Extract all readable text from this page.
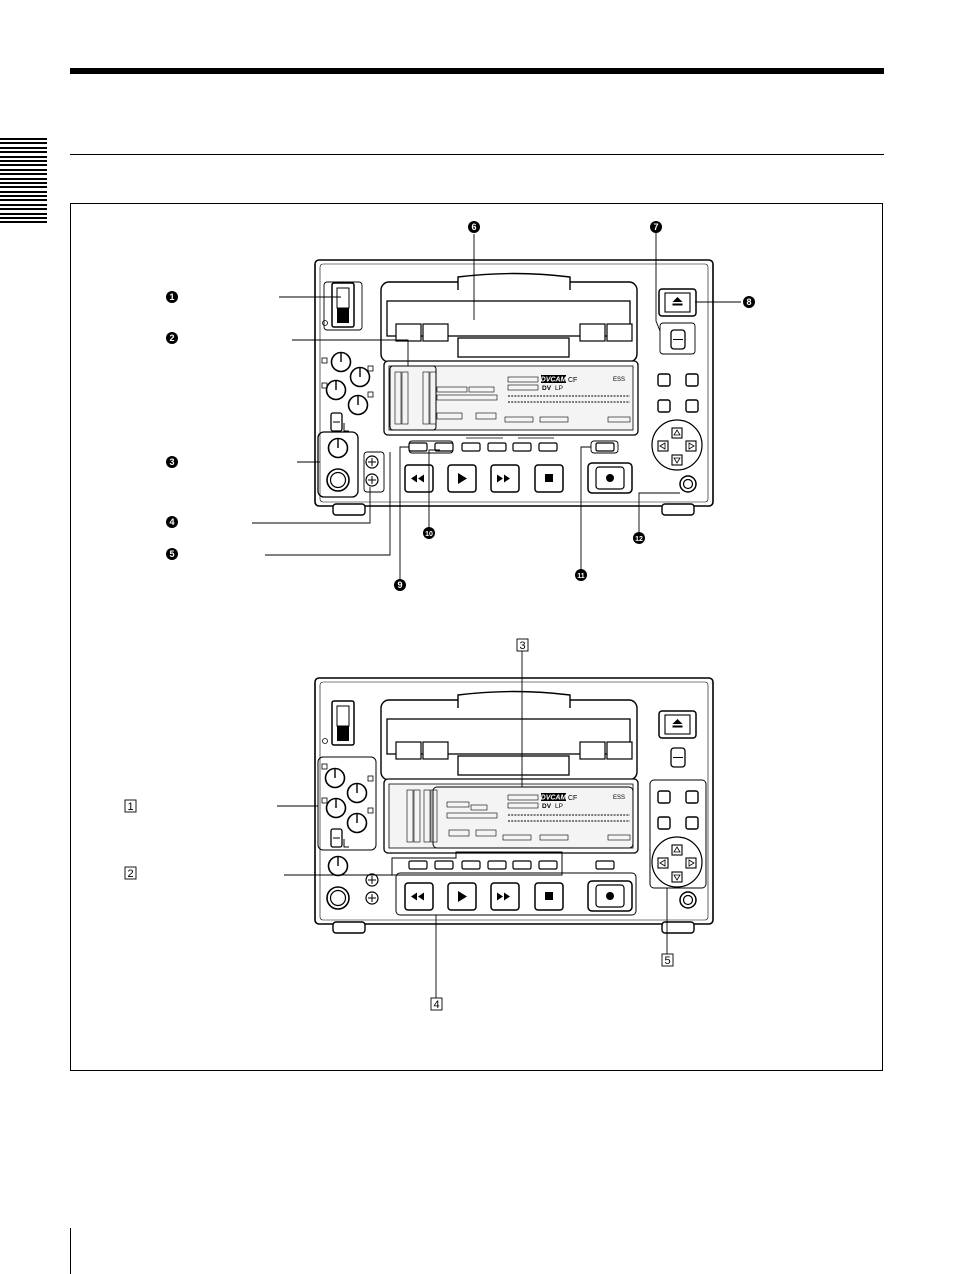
DVCAM CF
DV LP
ESS
1
2
3
4
5
6	7
8
9
10
11
12
DVCAM CF
DV LP
ESS
1
2
3
4
5
